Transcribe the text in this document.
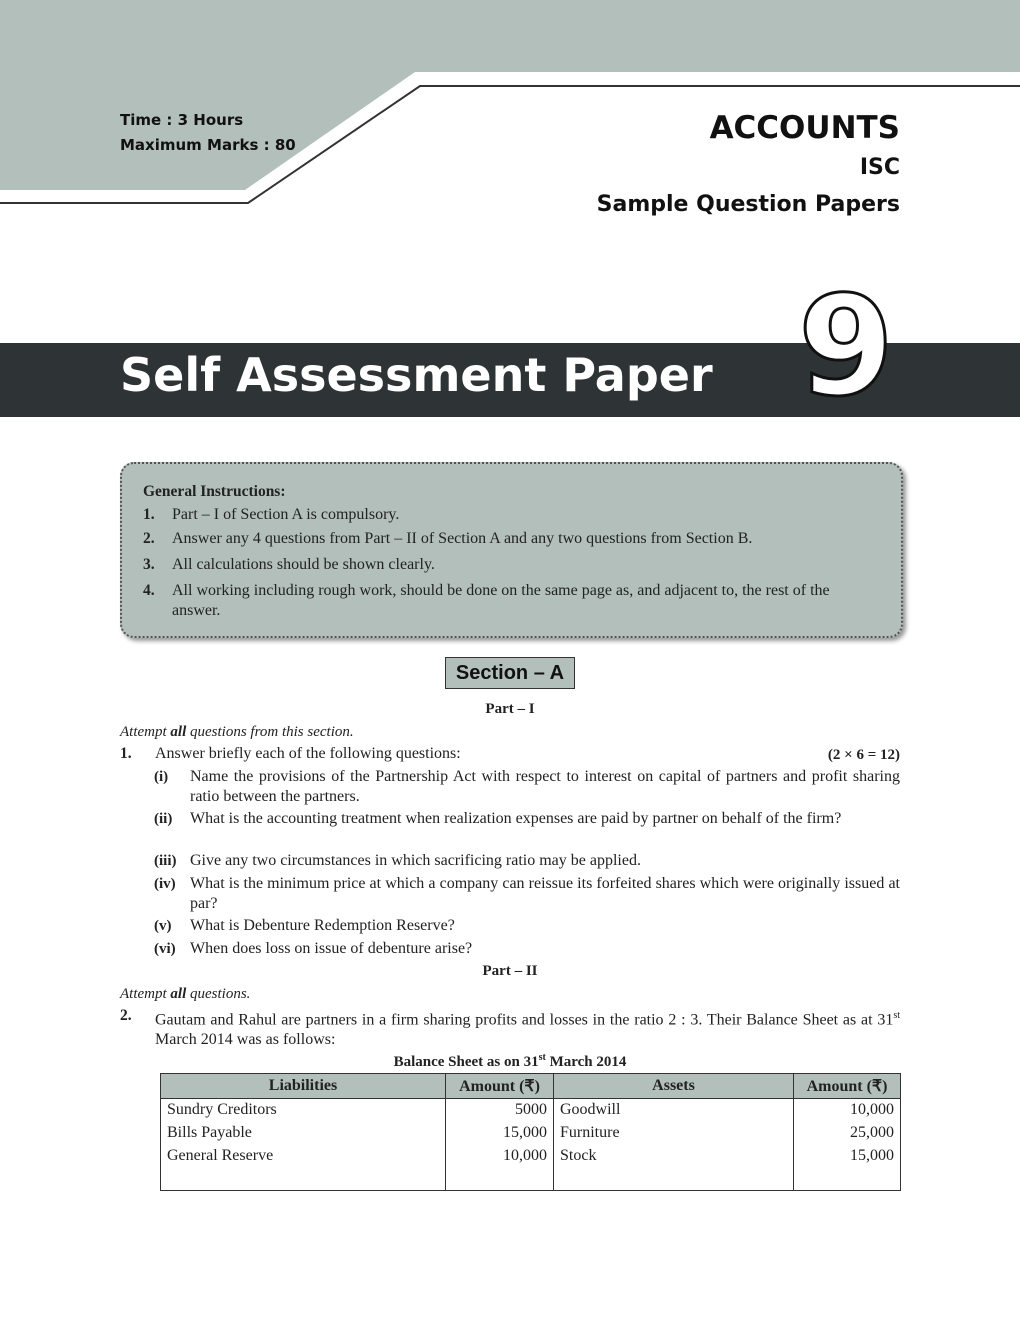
Time : 3 Hours
Maximum Marks : 80	ACCOUNTS
ISC
Sample Question Papers
Self Assessment Paper 9
General Instructions:
1. Part – I of Section A is compulsory.
2. Answer any 4 questions from Part – II of Section A and any two questions from Section B.
3. All calculations should be shown clearly.
4. All working including rough work, should be done on the same page as, and adjacent to, the rest of the answer.
Section – A
Part – I
Attempt all questions from this section.
1. Answer briefly each of the following questions:	(2 × 6 = 12)
(i) Name the provisions of the Partnership Act with respect to interest on capital of partners and profit sharing ratio between the partners.
(ii) What is the accounting treatment when realization expenses are paid by partner on behalf of the firm?
(iii) Give any two circumstances in which sacrificing ratio may be applied.
(iv) What is the minimum price at which a company can reissue its forfeited shares which were originally issued at par?
(v) What is Debenture Redemption Reserve?
(vi) When does loss on issue of debenture arise?
Part – II
Attempt all questions.
2. Gautam and Rahul are partners in a firm sharing profits and losses in the ratio 2 : 3. Their Balance Sheet as at 31st March 2014 was as follows:
Balance Sheet as on 31st March 2014
Liabilities	Amount (₹)	Assets	Amount (₹)
Sundry Creditors	5000	Goodwill	10,000
Bills Payable	15,000	Furniture	25,000
General Reserve	10,000	Stock	15,000
